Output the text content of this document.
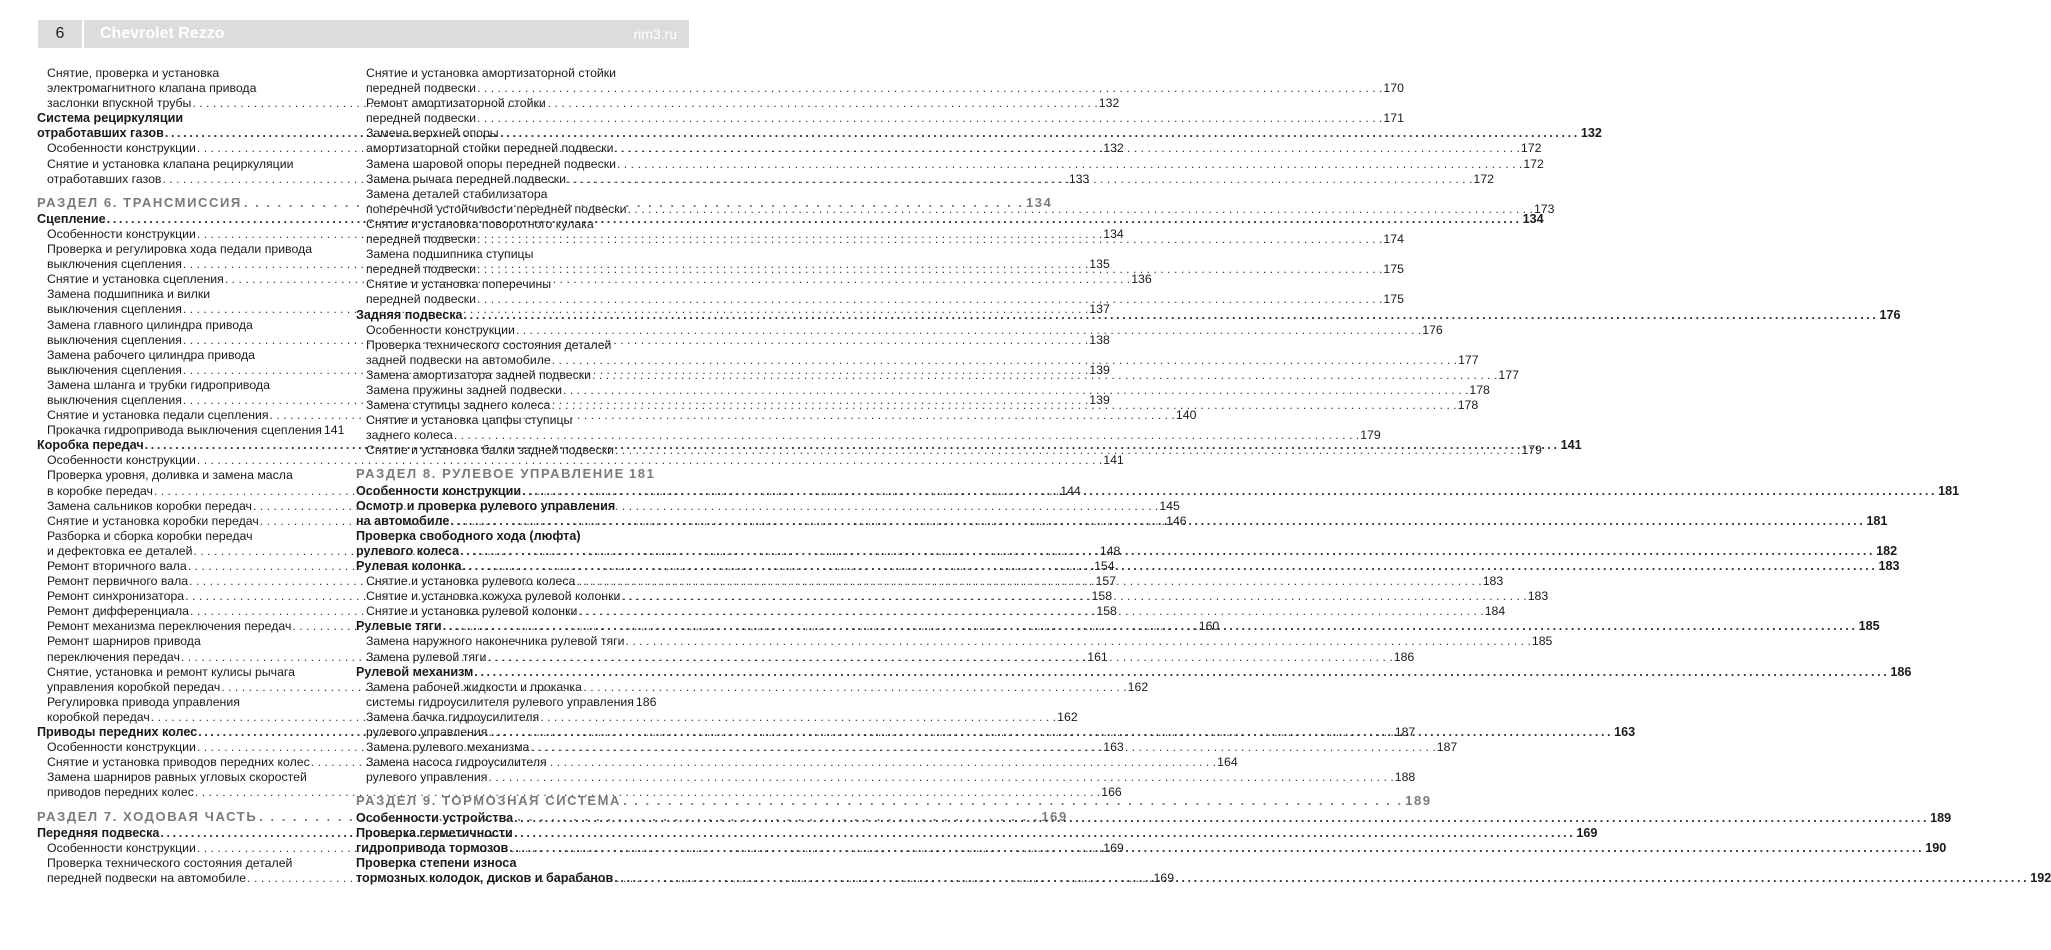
6	Chevrolet Rezzo	rim3.ru
Снятие, проверка и установка
электромагнитного клапана привода
заслонки впускной трубы . . .	132
Система рециркуляции
отработавших газов .....	132
Особенности конструкции . . .	132
Снятие и установка клапана рециркуляции
отработавших газов . . .	133
РАЗДЕЛ 6. ТРАНСМИССИЯ . . .	134
Сцепление .....	134
Особенности конструкции . . .	134
Проверка и регулировка хода педали привода
выключения сцепления . . .	135
Снятие и установка сцепления . . .	136
Замена подшипника и вилки
выключения сцепления . . .	137
Замена главного цилиндра привода
выключения сцепления . . .	138
Замена рабочего цилиндра привода
выключения сцепления . . .	139
Замена шланга и трубки гидропривода
выключения сцепления . . .	139
Снятие и установка педали сцепления . . .	140
Прокачка гидропривода выключения сцепления 141
Коробка передач .....	141
Особенности конструкции . . .	141
Проверка уровня, доливка и замена масла
в коробке передач . . .	144
Замена сальников коробки передач . . .	145
Снятие и установка коробки передач . . .	146
Разборка и сборка коробки передач
и дефектовка ее деталей . . .	148
Ремонт вторичного вала . . .	154
Ремонт первичного вала . . .	157
Ремонт синхронизатора . . .	158
Ремонт дифференциала . . .	158
Ремонт механизма переключения передач . . .	160
Ремонт шарниров привода
переключения передач . . .	161
Снятие, установка и ремонт кулисы рычага
управления коробкой передач . . .	162
Регулировка привода управления
коробкой передач . . .	162
Приводы передних колес .....	163
Особенности конструкции . . .	163
Снятие и установка приводов передних колес . . .	164
Замена шарниров равных угловых скоростей
приводов передних колес . . .	166
РАЗДЕЛ 7. ХОДОВАЯ ЧАСТЬ . . .	169
Передняя подвеска .....	169
Особенности конструкции . . .	169
Проверка технического состояния деталей
передней подвески на автомобиле . . .	169
Снятие и установка амортизаторной стойки
передней подвески . . .	170
Ремонт амортизаторной стойки
передней подвески . . .	171
Замена верхней опоры
амортизаторной стойки передней подвески . . .	172
Замена шаровой опоры передней подвески . . .	172
Замена рычага передней подвески . . .	172
Замена деталей стабилизатора
поперечной устойчивости передней подвески . . .	173
Снятие и установка поворотного кулака
передней подвески . . .	174
Замена подшипника ступицы
передней подвески . . .	175
Снятие и установка поперечины
передней подвески . . .	175
Задняя подвеска .....	176
Особенности конструкции . . .	176
Проверка технического состояния деталей
задней подвески на автомобиле . . .	177
Замена амортизатора задней подвески . . .	177
Замена пружины задней подвески . . .	178
Замена ступицы заднего колеса . . .	178
Снятие и установка цапфы ступицы
заднего колеса . . .	179
Снятие и установка балки задней подвески . . .	179
РАЗДЕЛ 8. РУЛЕВОЕ УПРАВЛЕНИЕ 181
Особенности конструкции .....	181
Осмотр и проверка рулевого управления
на автомобиле .....	181
Проверка свободного хода (люфта)
рулевого колеса .....	182
Рулевая колонка .....	183
Снятие и установка рулевого колеса . . .	183
Снятие и установка кожуха рулевой колонки . . .	183
Снятие и установка рулевой колонки . . .	184
Рулевые тяги .....	185
Замена наружного наконечника рулевой тяги . . .	185
Замена рулевой тяги . . .	186
Рулевой механизм .....	186
Замена рабочей жидкости и прокачка
системы гидроусилителя рулевого управления 186
Замена бачка гидроусилителя
рулевого управления . . .	187
Замена рулевого механизма . . .	187
Замена насоса гидроусилителя
рулевого управления . . .	188
РАЗДЕЛ 9. ТОРМОЗНАЯ СИСТЕМА . . .	189
Особенности устройства .....	189
Проверка герметичности
гидропривода тормозов .....	190
Проверка степени износа
тормозных колодок, дисков и барабанов .....	192
